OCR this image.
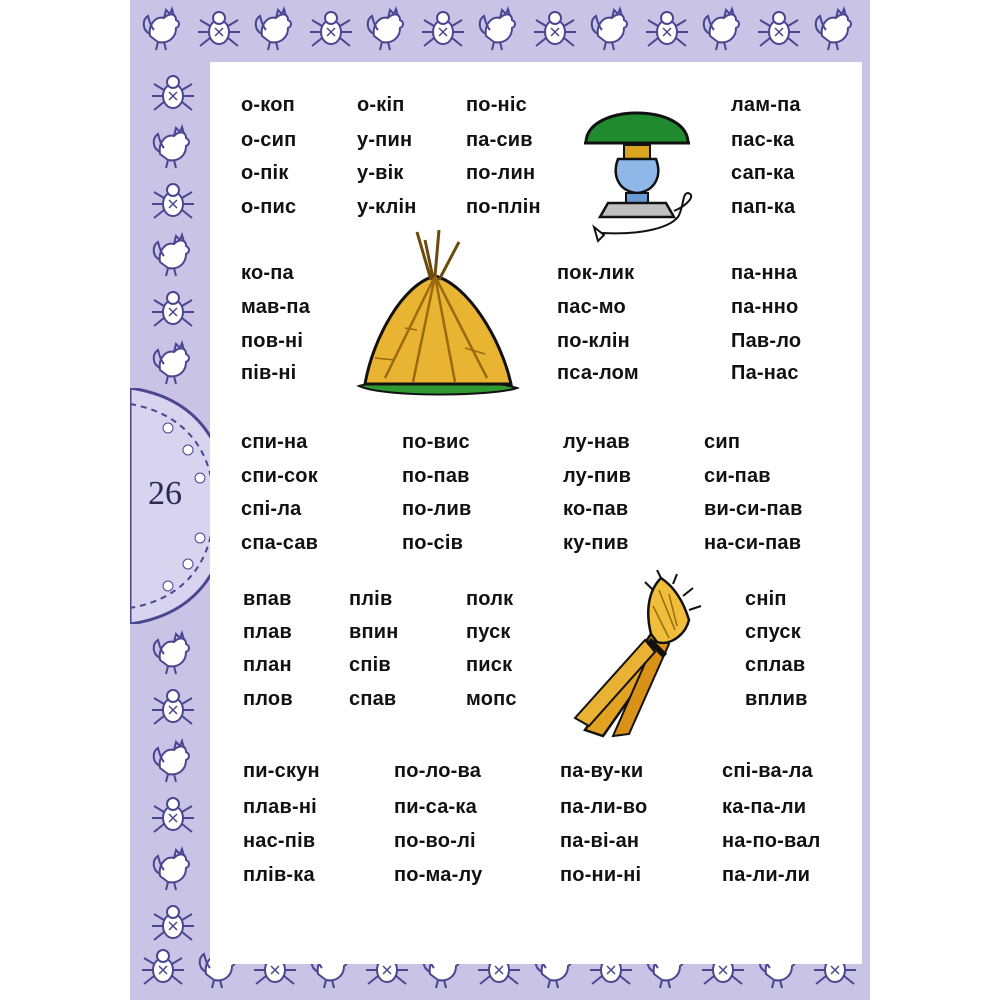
26
о-коп
о-сип
о-пік
о-пис
о-кіп
у-пин
у-вік
у-клін
по-ніс
па-сив
по-лин
по-плін
лам-па
пас-ка
сап-ка
пап-ка
ко-па
мав-па
пов-ні
пів-ні
пок-лик
пас-мо
по-клін
пса-лом
па-нна
па-нно
Пав-ло
Па-нас
спи-на
спи-сок
спі-ла
спа-сав
по-вис
по-пав
по-лив
по-сів
лу-нав
лу-пив
ко-пав
ку-пив
сип
си-пав
ви-си-пав
на-си-пав
впав
плав
план
плов
плів
впин
спів
спав
полк
пуск
писк
мопс
сніп
спуск
сплав
вплив
пи-скун
плав-ні
нас-пів
плів-ка
по-ло-ва
пи-са-ка
по-во-лі
по-ма-лу
па-ву-ки
па-ли-во
па-ві-ан
по-ни-ні
спі-ва-ла
ка-па-ли
на-по-вал
па-ли-ли
